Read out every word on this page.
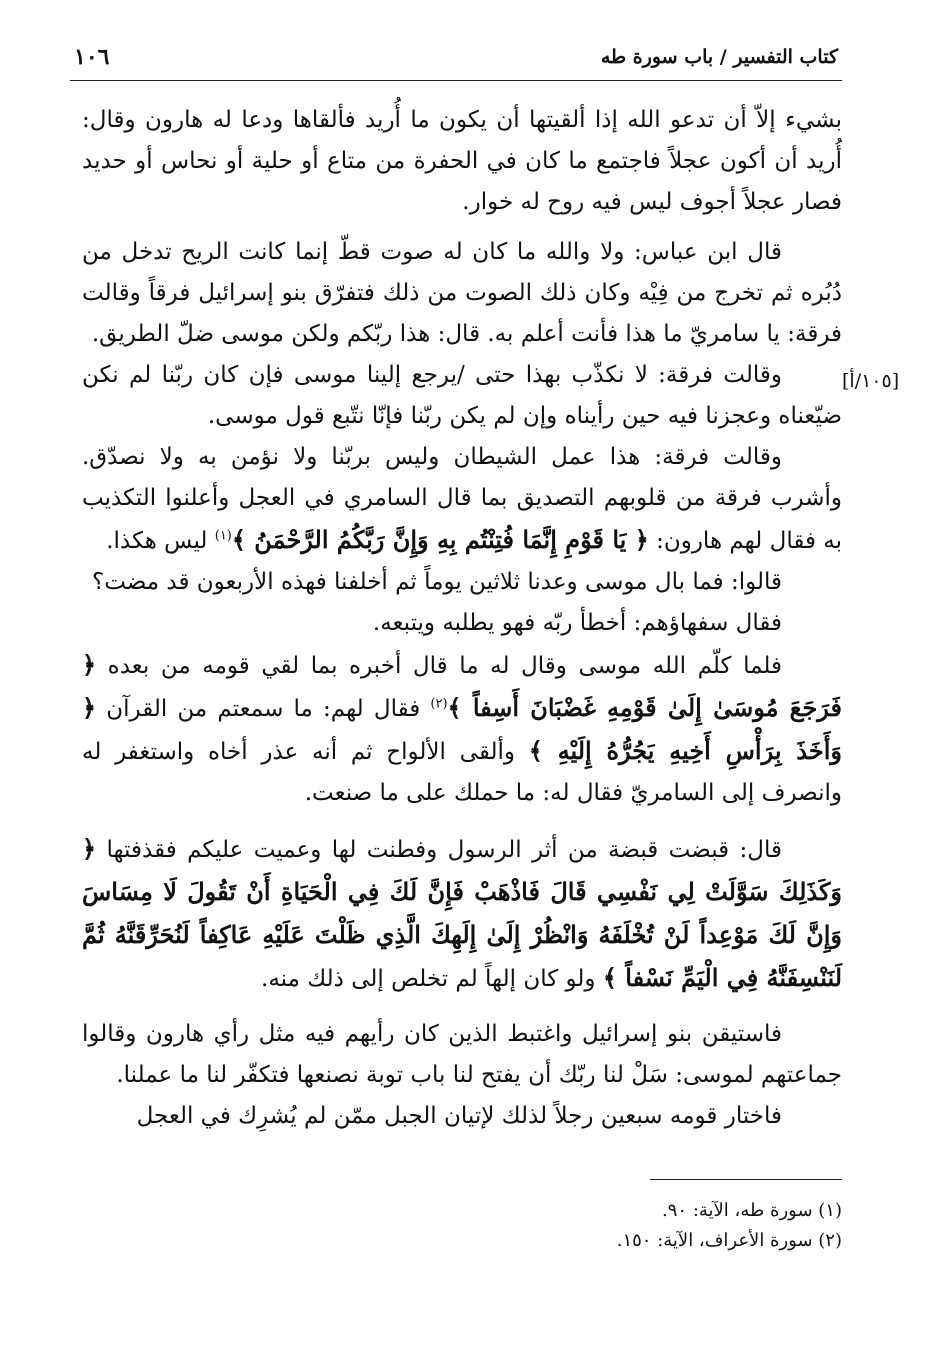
كتاب التفسير / باب سورة طه
١٠٦
[١٠٥/أ]

بشيء إلاّ أن تدعو الله إذا ألقيتها أن يكون ما أُريد فألقاها ودعا له هارون وقال: أُريد أن أكون عجلاً فاجتمع ما كان في الحفرة من متاع أو حلية أو نحاس أو حديد فصار عجلاً أجوف ليس فيه روح له خوار.

قال ابن عباس: ولا والله ما كان له صوت قطّ إنما كانت الريح تدخل من دُبُره ثم تخرج من فِيْه وكان ذلك الصوت من ذلك فتفرّق بنو إسرائيل فرقاً وقالت فرقة: يا سامريّ ما هذا فأنت أعلم به. قال: هذا ربّكم ولكن موسى ضلّ الطريق.

وقالت فرقة: لا نكذّب بهذا حتى /يرجع إلينا موسى فإن كان ربّنا لم نكن ضيّعناه وعجزنا فيه حين رأيناه وإن لم يكن ربّنا فإنّا نتّبع قول موسى.

وقالت فرقة: هذا عمل الشيطان وليس بربّنا ولا نؤمن به ولا نصدّق. وأشرب فرقة من قلوبهم التصديق بما قال السامري في العجل وأعلنوا التكذيب به فقال لهم هارون: ﴿ يَا قَوْمِ إِنَّمَا فُتِنْتُم بِهِ وَإِنَّ رَبَّكُمُ الرَّحْمَنُ ﴾$^{(١)}$ ليس هكذا.

قالوا: فما بال موسى وعدنا ثلاثين يوماً ثم أخلفنا فهذه الأربعون قد مضت؟

فقال سفهاؤهم: أخطأ ربّه فهو يطلبه ويتبعه.

فلما كلّم الله موسى وقال له ما قال أخبره بما لقي قومه من بعده ﴿ فَرَجَعَ مُوسَىٰ إِلَىٰ قَوْمِهِ غَضْبَانَ أَسِفاً ﴾$^{(٢)}$ فقال لهم: ما سمعتم من القرآن ﴿ وَأَخَذَ بِرَأْسِ أَخِيهِ يَجُرُّهُ إِلَيْهِ ﴾ وألقى الألواح ثم أنه عذر أخاه واستغفر له وانصرف إلى السامريّ فقال له: ما حملك على ما صنعت.

قال: قبضت قبضة من أثر الرسول وفطنت لها وعميت عليكم فقذفتها ﴿ وَكَذَلِكَ سَوَّلَتْ لِي نَفْسِي قَالَ فَاذْهَبْ فَإِنَّ لَكَ فِي الْحَيَاةِ أَنْ تَقُولَ لَا مِسَاسَ وَإِنَّ لَكَ مَوْعِداً لَنْ تُخْلَفَهُ وَانْظُرْ إِلَىٰ إِلَهِكَ الَّذِي ظَلْتَ عَلَيْهِ عَاكِفاً لَنُحَرِّقَنَّهُ ثُمَّ لَنَنْسِفَنَّهُ فِي الْيَمِّ نَسْفاً ﴾ ولو كان إلهاً لم تخلص إلى ذلك منه.

فاستيقن بنو إسرائيل واغتبط الذين كان رأيهم فيه مثل رأي هارون وقالوا جماعتهم لموسى: سَلْ لنا ربّك أن يفتح لنا باب توبة نصنعها فتكفّر لنا ما عملنا.

فاختار قومه سبعين رجلاً لذلك لإتيان الجبل ممّن لم يُشرِك في العجل

(١) سورة طه، الآية: ٩٠.

(٢) سورة الأعراف، الآية: ١٥٠.
